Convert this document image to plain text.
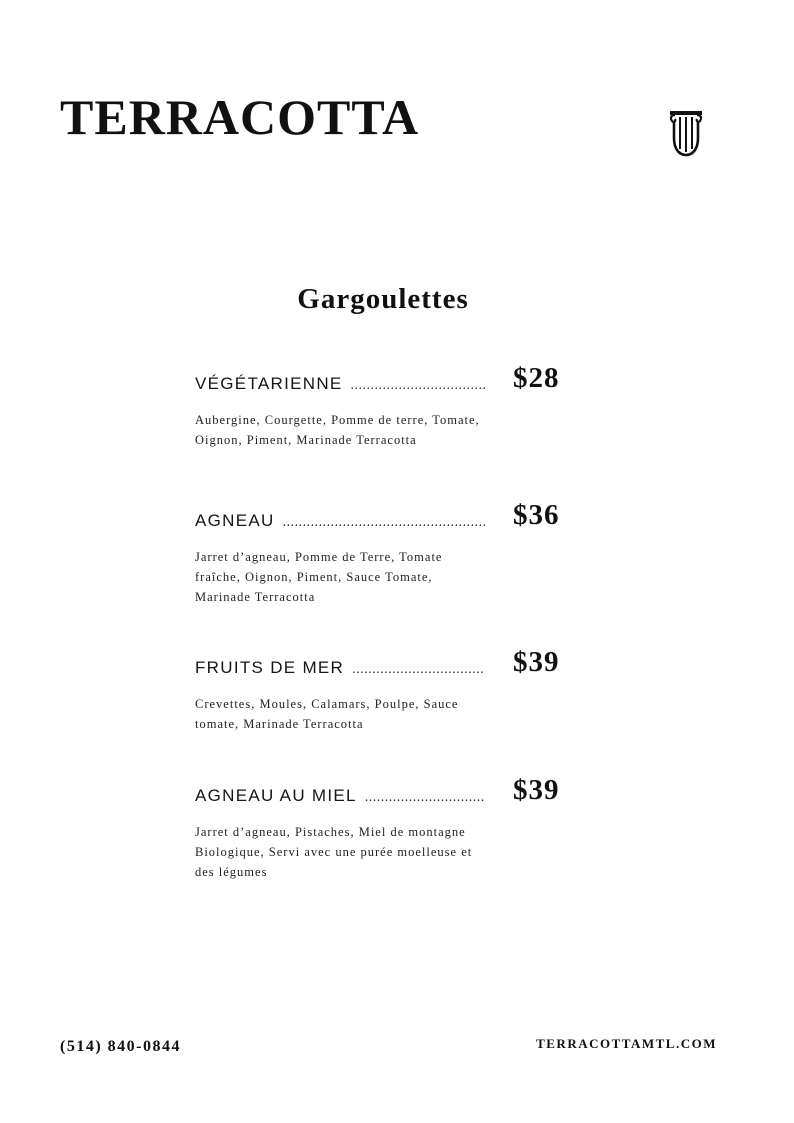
TERRACOTTA
Gargoulettes
VÉGÉTARIENNE .....	$28
Aubergine, Courgette, Pomme de terre, Tomate, Oignon, Piment, Marinade Terracotta
AGNEAU .....	$36
Jarret d’agneau, Pomme de Terre, Tomate fraîche, Oignon, Piment, Sauce Tomate, Marinade Terracotta
FRUITS DE MER .....	$39
Crevettes, Moules, Calamars, Poulpe, Sauce tomate, Marinade Terracotta
AGNEAU AU MIEL .....	$39
Jarret d’agneau, Pistaches, Miel de montagne Biologique, Servi avec une purée moelleuse et des légumes
(514) 840-0844	TERRACOTTAMTL.COM
